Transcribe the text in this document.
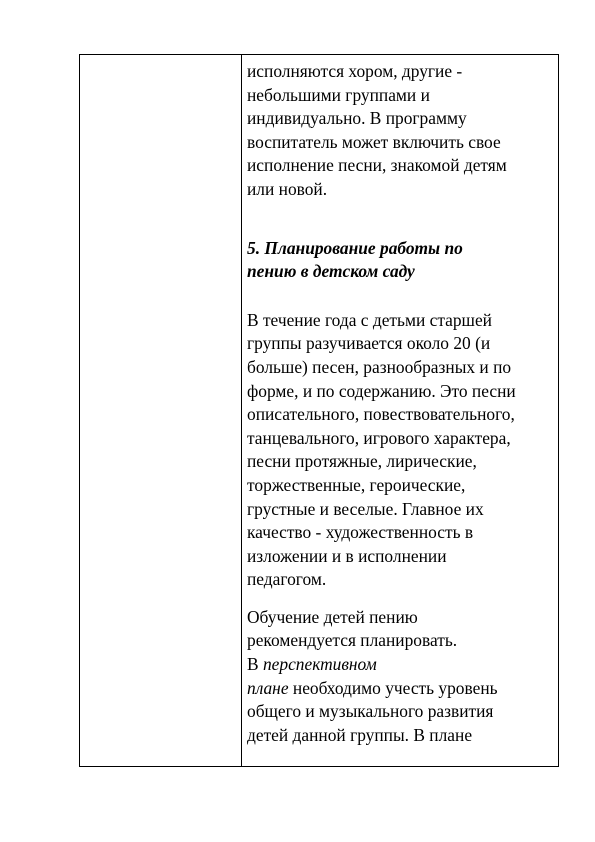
исполняются хором, другие -
небольшими группами и
индивидуально. В программу
воспитатель может включить свое
исполнение песни, знакомой детям
или новой.

5. Планирование работы по
пению в детском саду

В течение года с детьми старшей
группы разучивается около 20 (и
больше) песен, разнообразных и по
форме, и по содержанию. Это песни
описательного, повествовательного,
танцевального, игрового характера,
песни протяжные, лирические,
торжественные, героические,
грустные и веселые. Главное их
качество - художественность в
изложении и в исполнении
педагогом.

Обучение детей пению
рекомендуется планировать.
В перспективном
плане необходимо учесть уровень
общего и музыкального развития
детей данной группы. В плане
